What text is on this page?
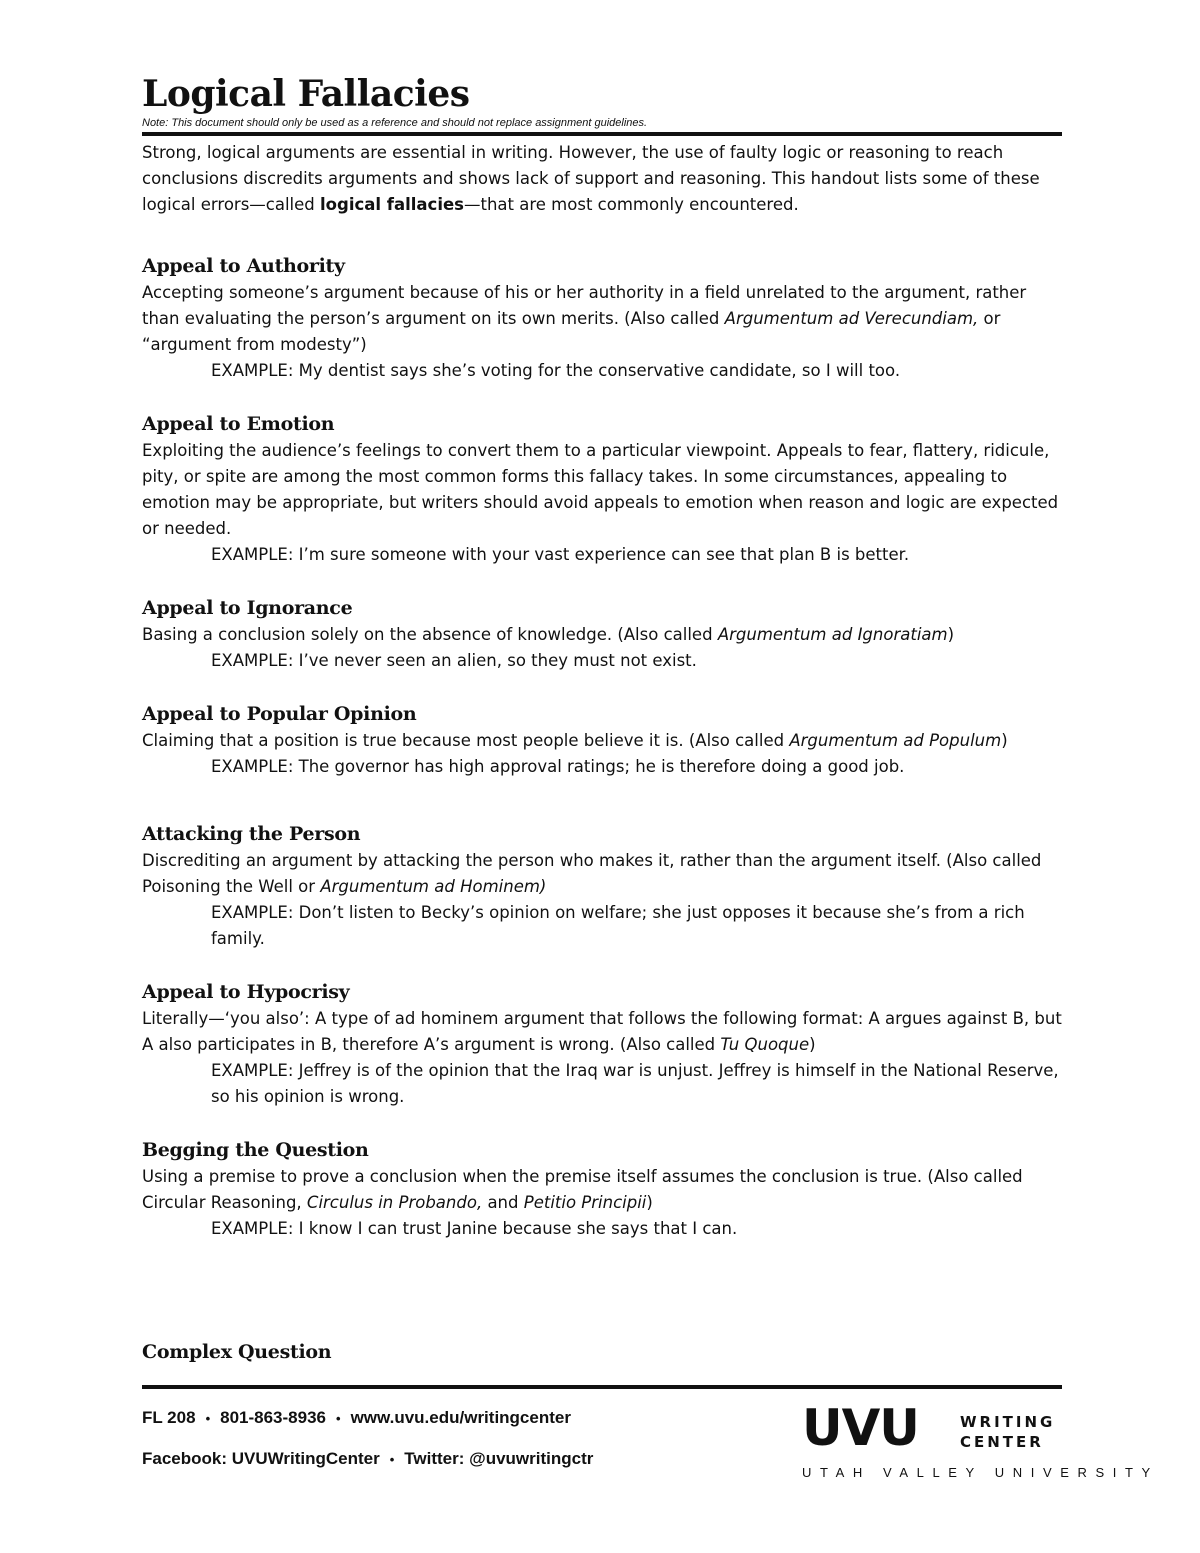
Logical Fallacies

Note: This document should only be used as a reference and should not replace assignment guidelines.

Strong, logical arguments are essential in writing. However, the use of faulty logic or reasoning to reach conclusions discredits arguments and shows lack of support and reasoning. This handout lists some of these logical errors—called logical fallacies—that are most commonly encountered.

Appeal to Authority

Accepting someone’s argument because of his or her authority in a field unrelated to the argument, rather than evaluating the person’s argument on its own merits. (Also called Argumentum ad Verecundiam, or “argument from modesty”)

EXAMPLE: My dentist says she’s voting for the conservative candidate, so I will too.

Appeal to Emotion

Exploiting the audience’s feelings to convert them to a particular viewpoint. Appeals to fear, flattery, ridicule, pity, or spite are among the most common forms this fallacy takes. In some circumstances, appealing to emotion may be appropriate, but writers should avoid appeals to emotion when reason and logic are expected or needed.

EXAMPLE: I’m sure someone with your vast experience can see that plan B is better.

Appeal to Ignorance

Basing a conclusion solely on the absence of knowledge. (Also called Argumentum ad Ignoratiam)

EXAMPLE: I’ve never seen an alien, so they must not exist.

Appeal to Popular Opinion

Claiming that a position is true because most people believe it is. (Also called Argumentum ad Populum)

EXAMPLE: The governor has high approval ratings; he is therefore doing a good job.

Attacking the Person

Discrediting an argument by attacking the person who makes it, rather than the argument itself. (Also called Poisoning the Well or Argumentum ad Hominem)

EXAMPLE: Don’t listen to Becky’s opinion on welfare; she just opposes it because she’s from a rich family.

Appeal to Hypocrisy

Literally—‘you also’: A type of ad hominem argument that follows the following format: A argues against B, but A also participates in B, therefore A’s argument is wrong. (Also called Tu Quoque)

EXAMPLE: Jeffrey is of the opinion that the Iraq war is unjust. Jeffrey is himself in the National Reserve, so his opinion is wrong.

Begging the Question

Using a premise to prove a conclusion when the premise itself assumes the conclusion is true. (Also called Circular Reasoning, Circulus in Probando, and Petitio Principii)

EXAMPLE: I know I can trust Janine because she says that I can.

Complex Question
FL 208 • 801-863-8936 • www.uvu.edu/writingcenter
Facebook: UVUWritingCenter • Twitter: @uvuwritingctr
UVU	WRITING
CENTER
UTAH VALLEY UNIVERSITY
